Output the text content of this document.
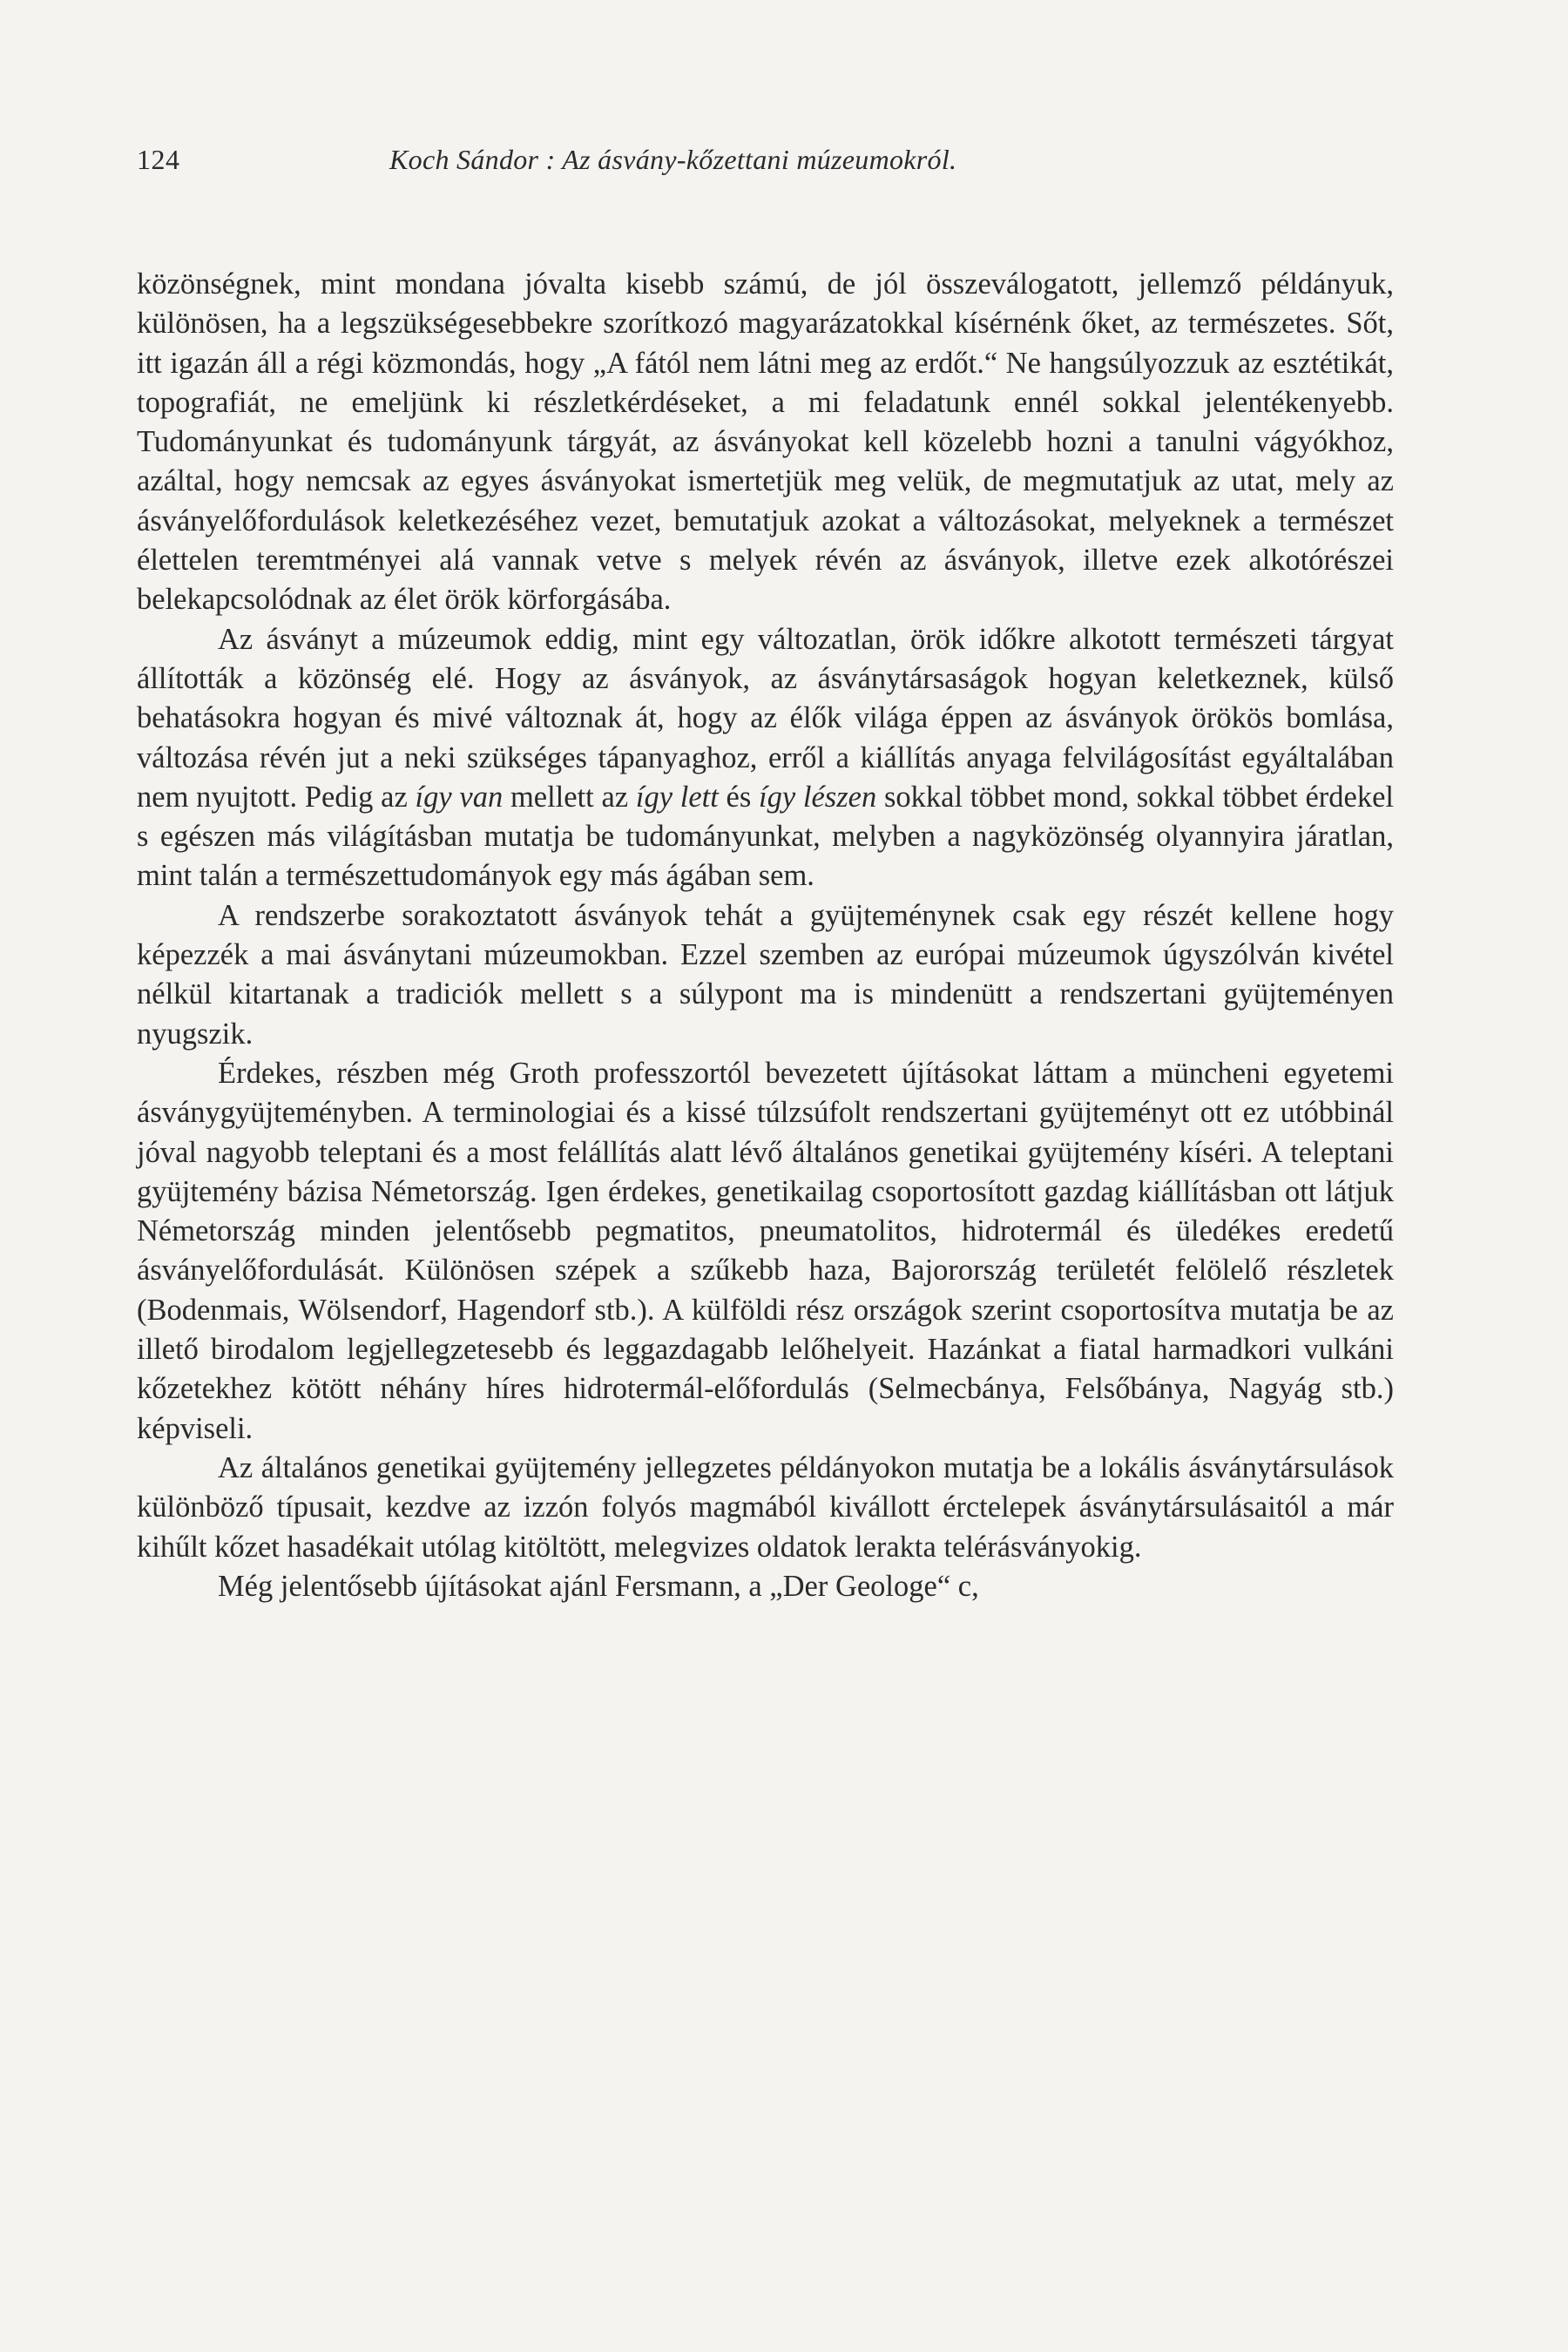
124	Koch Sándor : Az ásvány-kőzettani múzeumokról.

közönségnek, mint mondana jóvalta kisebb számú, de jól összeválogatott, jellemző példányuk, különösen, ha a legszükségesebbekre szorítkozó magyarázatokkal kísérnénk őket, az természetes. Sőt, itt igazán áll a régi közmondás, hogy „A fától nem látni meg az erdőt.“ Ne hangsúlyozzuk az esztétikát, topografiát, ne emeljünk ki részletkérdéseket, a mi feladatunk ennél sokkal jelentékenyebb. Tudományunkat és tudományunk tárgyát, az ásványokat kell közelebb hozni a tanulni vágyókhoz, azáltal, hogy nemcsak az egyes ásványokat ismertetjük meg velük, de megmutatjuk az utat, mely az ásványelőfordulások keletkezéséhez vezet, bemutatjuk azokat a változásokat, melyeknek a természet élettelen teremtményei alá vannak vetve s melyek révén az ásványok, illetve ezek alkotórészei belekapcsolódnak az élet örök körforgásába.

Az ásványt a múzeumok eddig, mint egy változatlan, örök időkre alkotott természeti tárgyat állították a közönség elé. Hogy az ásványok, az ásványtársaságok hogyan keletkeznek, külső behatásokra hogyan és mivé változnak át, hogy az élők világa éppen az ásványok örökös bomlása, változása révén jut a neki szükséges tápanyaghoz, erről a kiállítás anyaga felvilágosítást egyáltalában nem nyujtott. Pedig az így van mellett az így lett és így lészen sokkal többet mond, sokkal többet érdekel s egészen más világításban mutatja be tudományunkat, melyben a nagyközönség olyannyira járatlan, mint talán a természettudományok egy más ágában sem.

A rendszerbe sorakoztatott ásványok tehát a gyüjteménynek csak egy részét kellene hogy képezzék a mai ásványtani múzeumokban. Ezzel szemben az európai múzeumok úgyszólván kivétel nélkül kitartanak a tradiciók mellett s a súlypont ma is mindenütt a rendszertani gyüjteményen nyugszik.

Érdekes, részben még Groth professzortól bevezetett újításokat láttam a müncheni egyetemi ásványgyüjteményben. A terminologiai és a kissé túlzsúfolt rendszertani gyüjteményt ott ez utóbbinál jóval nagyobb teleptani és a most felállítás alatt lévő általános genetikai gyüjtemény kíséri. A teleptani gyüjtemény bázisa Németország. Igen érdekes, genetikailag csoportosított gazdag kiállításban ott látjuk Németország minden jelentősebb pegmatitos, pneumatolitos, hidrotermál és üledékes eredetű ásványelőfordulását. Különösen szépek a szűkebb haza, Bajorország területét felölelő részletek (Bodenmais, Wölsendorf, Hagendorf stb.). A külföldi rész országok szerint csoportosítva mutatja be az illető birodalom legjellegzetesebb és leggazdagabb lelőhelyeit. Hazánkat a fiatal harmadkori vulkáni kőzetekhez kötött néhány híres hidrotermál-előfordulás (Selmecbánya, Felsőbánya, Nagyág stb.) képviseli.

Az általános genetikai gyüjtemény jellegzetes példányokon mutatja be a lokális ásványtársulások különböző típusait, kezdve az izzón folyós magmából kivállott érctelepek ásványtársulásaitól a már kihűlt kőzet hasadékait utólag kitöltött, melegvizes oldatok lerakta telérásványokig.

Még jelentősebb újításokat ajánl Fersmann, a „Der Geologe“ c,
